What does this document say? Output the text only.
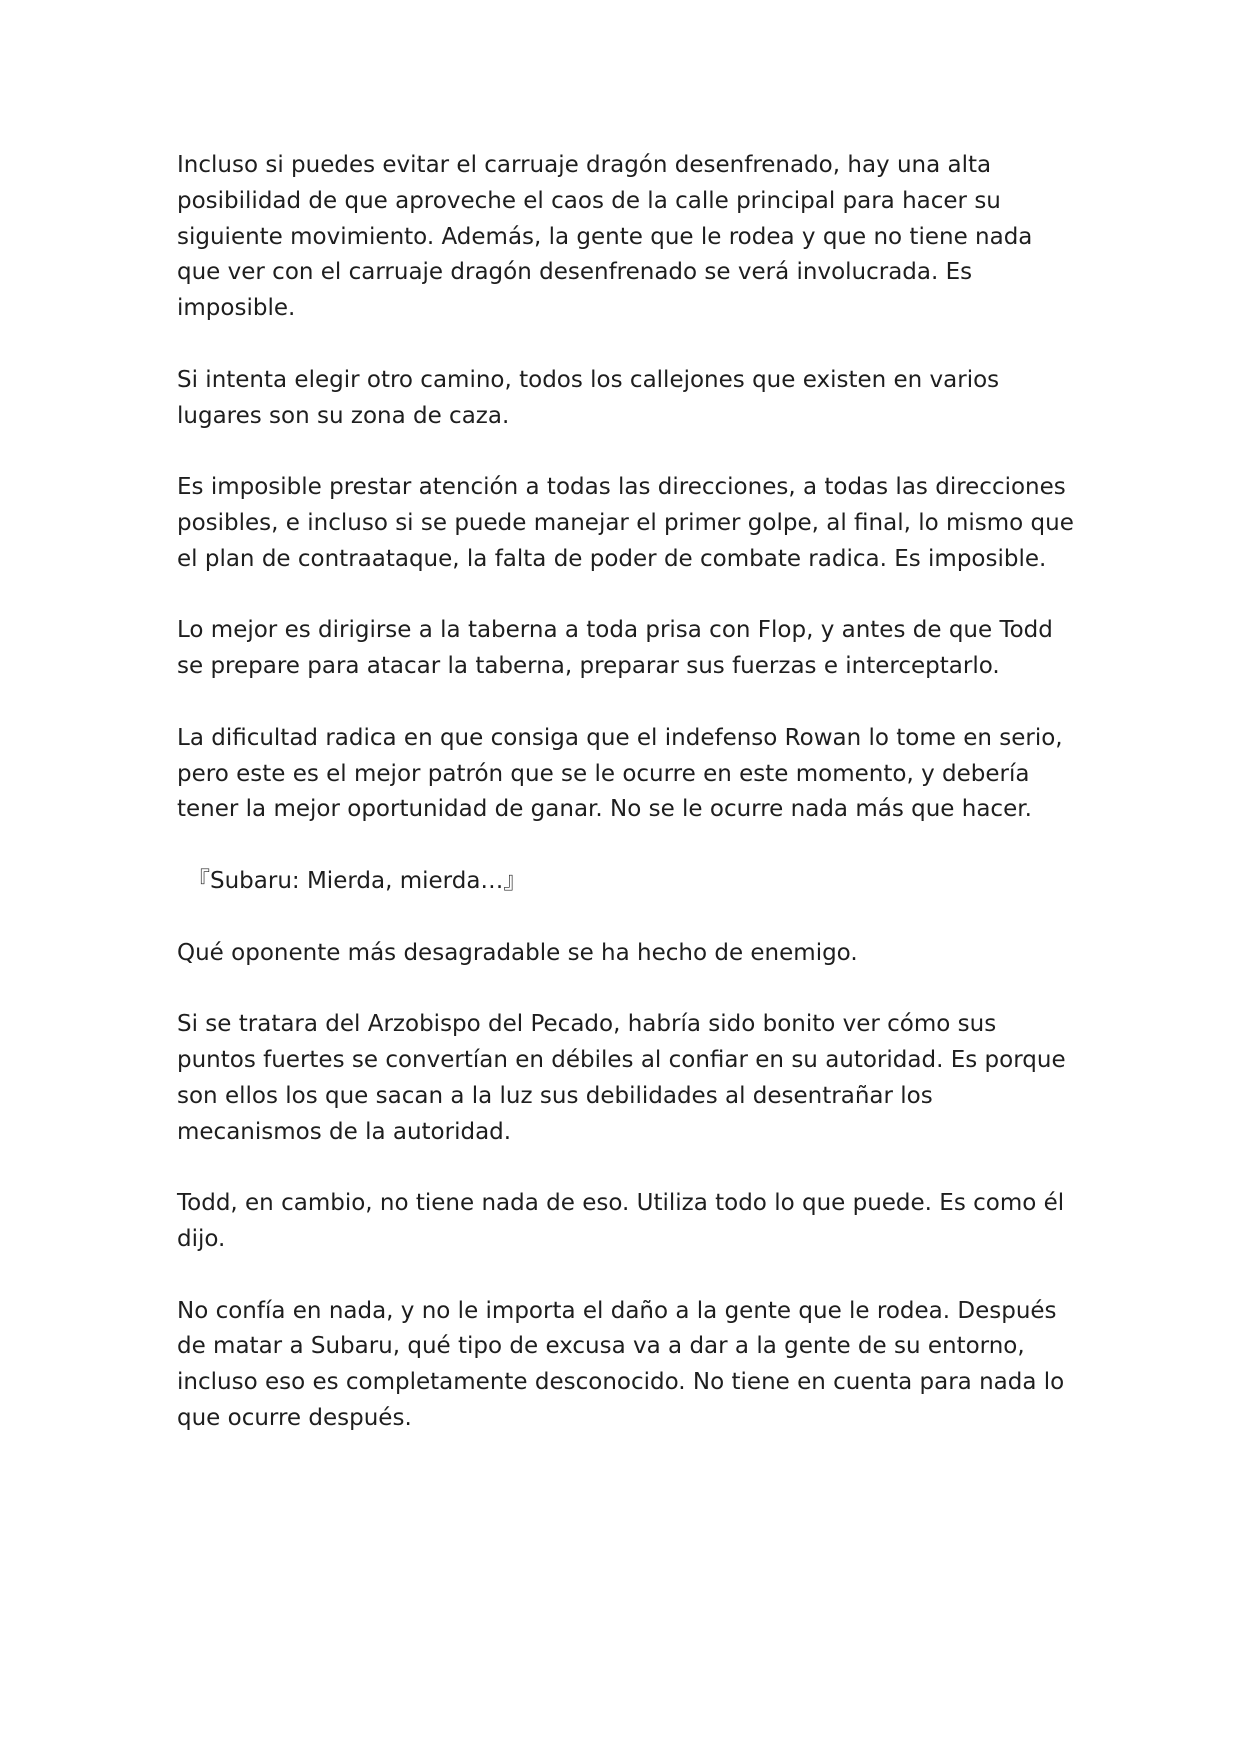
Incluso si puedes evitar el carruaje dragón desenfrenado, hay una alta posibilidad de que aproveche el caos de la calle principal para hacer su siguiente movimiento. Además, la gente que le rodea y que no tiene nada que ver con el carruaje dragón desenfrenado se verá involucrada. Es imposible.

Si intenta elegir otro camino, todos los callejones que existen en varios lugares son su zona de caza.

Es imposible prestar atención a todas las direcciones, a todas las direcciones posibles, e incluso si se puede manejar el primer golpe, al final, lo mismo que el plan de contraataque, la falta de poder de combate radica. Es imposible.

Lo mejor es dirigirse a la taberna a toda prisa con Flop, y antes de que Todd se prepare para atacar la taberna, preparar sus fuerzas e interceptarlo.

La dificultad radica en que consiga que el indefenso Rowan lo tome en serio, pero este es el mejor patrón que se le ocurre en este momento, y debería tener la mejor oportunidad de ganar. No se le ocurre nada más que hacer.

『Subaru: Mierda, mierda…』

Qué oponente más desagradable se ha hecho de enemigo.

Si se tratara del Arzobispo del Pecado, habría sido bonito ver cómo sus puntos fuertes se convertían en débiles al confiar en su autoridad. Es porque son ellos los que sacan a la luz sus debilidades al desentrañar los mecanismos de la autoridad.

Todd, en cambio, no tiene nada de eso. Utiliza todo lo que puede. Es como él dijo.

No confía en nada, y no le importa el daño a la gente que le rodea. Después de matar a Subaru, qué tipo de excusa va a dar a la gente de su entorno, incluso eso es completamente desconocido. No tiene en cuenta para nada lo que ocurre después.
